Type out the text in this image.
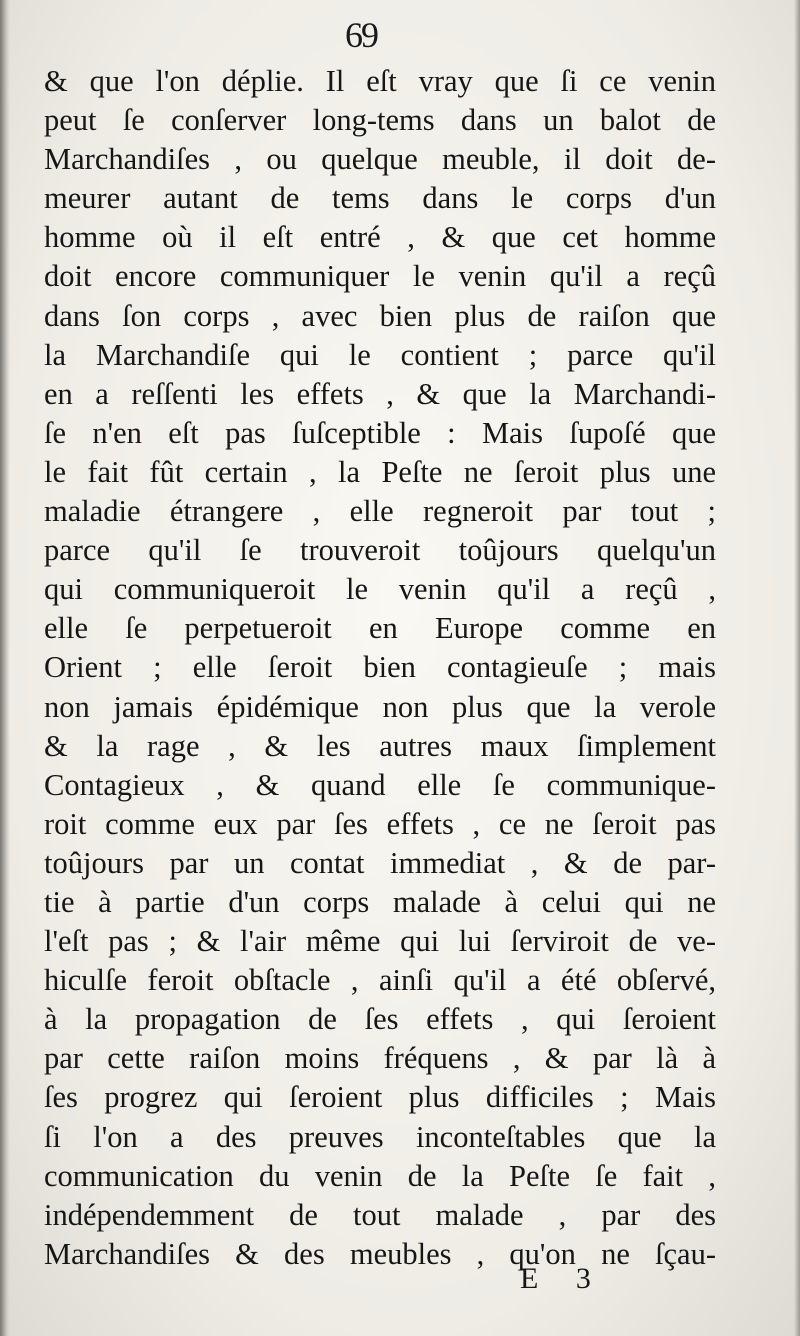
69
& que l'on déplie. Il eſt vray que ſi ce venin
peut ſe conſerver long-tems dans un balot de
Marchandiſes , ou quelque meuble, il doit de-
meurer autant de tems dans le corps d'un
homme où il eſt entré , & que cet homme
doit encore communiquer le venin qu'il a reçû
dans ſon corps , avec bien plus de raiſon que
la Marchandiſe qui le contient ; parce qu'il
en a reſſenti les effets , & que la Marchandi-
ſe n'en eſt pas ſuſceptible : Mais ſupoſé que
le fait fût certain , la Peſte ne ſeroit plus une
maladie étrangere , elle regneroit par tout ;
parce qu'il ſe trouveroit toûjours quelqu'un
qui communiqueroit le venin qu'il a reçû ,
elle ſe perpetueroit en Europe comme en
Orient ; elle ſeroit bien contagieuſe ; mais
non jamais épidémique non plus que la verole
& la rage , & les autres maux ſimplement
Contagieux , & quand elle ſe communique-
roit comme eux par ſes effets , ce ne ſeroit pas
toûjours par un contat immediat , & de par-
tie à partie d'un corps malade à celui qui ne
l'eſt pas ; & l'air même qui lui ſerviroit de ve-
hiculſe feroit obſtacle , ainſi qu'il a été obſervé,
à la propagation de ſes effets , qui ſeroient
par cette raiſon moins fréquens , & par là à
ſes progrez qui ſeroient plus difficiles ; Mais
ſi l'on a des preuves inconteſtables que la
communication du venin de la Peſte ſe fait ,
indépendemment de tout malade , par des
Marchandiſes & des meubles , qu'on ne ſçau-
E 3
